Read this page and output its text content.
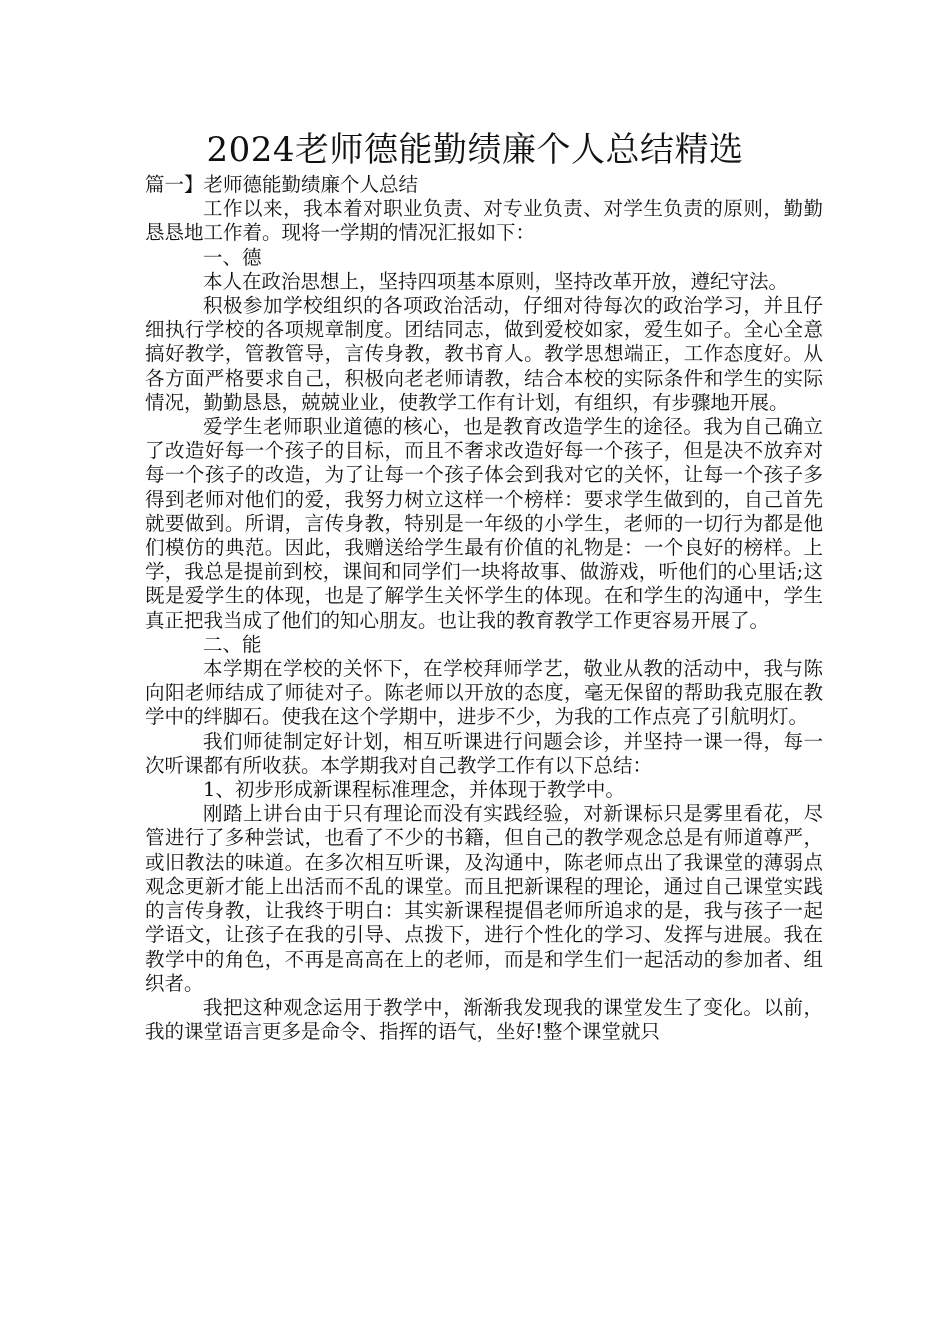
2024老师德能勤绩廉个人总结精选

篇一】老师德能勤绩廉个人总结

工作以来，我本着对职业负责、对专业负责、对学生负责的原则，勤勤恳恳地工作着。现将一学期的情况汇报如下：

一、德

本人在政治思想上，坚持四项基本原则，坚持改革开放，遵纪守法。

积极参加学校组织的各项政治活动，仔细对待每次的政治学习，并且仔细执行学校的各项规章制度。团结同志，做到爱校如家，爱生如子。全心全意搞好教学，管教管导，言传身教，教书育人。教学思想端正，工作态度好。从各方面严格要求自己，积极向老老师请教，结合本校的实际条件和学生的实际情况，勤勤恳恳，兢兢业业，使教学工作有计划，有组织，有步骤地开展。

爱学生老师职业道德的核心，也是教育改造学生的途径。我为自己确立了改造好每一个孩子的目标，而且不奢求改造好每一个孩子，但是决不放弃对每一个孩子的改造，为了让每一个孩子体会到我对它的关怀，让每一个孩子多得到老师对他们的爱，我努力树立这样一个榜样：要求学生做到的，自己首先就要做到。所谓，言传身教，特别是一年级的小学生，老师的一切行为都是他们模仿的典范。因此，我赠送给学生最有价值的礼物是：一个良好的榜样。上学，我总是提前到校，课间和同学们一块将故事、做游戏，听他们的心里话;这既是爱学生的体现，也是了解学生关怀学生的体现。在和学生的沟通中，学生真正把我当成了他们的知心朋友。也让我的教育教学工作更容易开展了。

二、能

本学期在学校的关怀下，在学校拜师学艺，敬业从教的活动中，我与陈向阳老师结成了师徒对子。陈老师以开放的态度，毫无保留的帮助我克服在教学中的绊脚石。使我在这个学期中，进步不少，为我的工作点亮了引航明灯。

我们师徒制定好计划，相互听课进行问题会诊，并坚持一课一得，每一次听课都有所收获。本学期我对自己教学工作有以下总结：

1、初步形成新课程标准理念，并体现于教学中。

刚踏上讲台由于只有理论而没有实践经验，对新课标只是雾里看花，尽管进行了多种尝试，也看了不少的书籍，但自己的教学观念总是有师道尊严，或旧教法的味道。在多次相互听课，及沟通中，陈老师点出了我课堂的薄弱点观念更新才能上出活而不乱的课堂。而且把新课程的理论，通过自己课堂实践的言传身教，让我终于明白：其实新课程提倡老师所追求的是，我与孩子一起学语文，让孩子在我的引导、点拨下，进行个性化的学习、发挥与进展。我在教学中的角色，不再是高高在上的老师，而是和学生们一起活动的参加者、组织者。

我把这种观念运用于教学中，渐渐我发现我的课堂发生了变化。以前，我的课堂语言更多是命令、指挥的语气，坐好!整个课堂就只
